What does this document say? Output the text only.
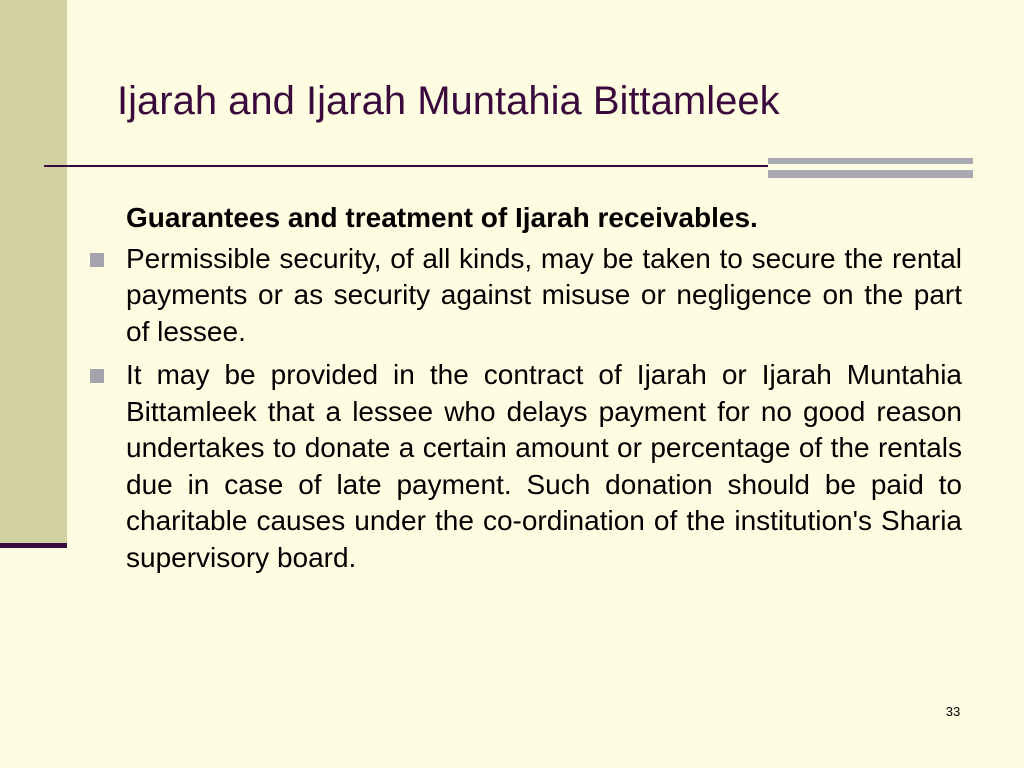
Ijarah and Ijarah Muntahia Bittamleek

Guarantees and treatment of Ijarah receivables.

Permissible security, of all kinds, may be taken to secure the rental payments or as security against misuse or negligence on the part of lessee.

It may be provided in the contract of Ijarah or Ijarah Muntahia Bittamleek that a lessee who delays payment for no good reason undertakes to donate a certain amount or percentage of the rentals due in case of late payment. Such donation should be paid to charitable causes under the co-ordination of the institution's Sharia supervisory board.

33
